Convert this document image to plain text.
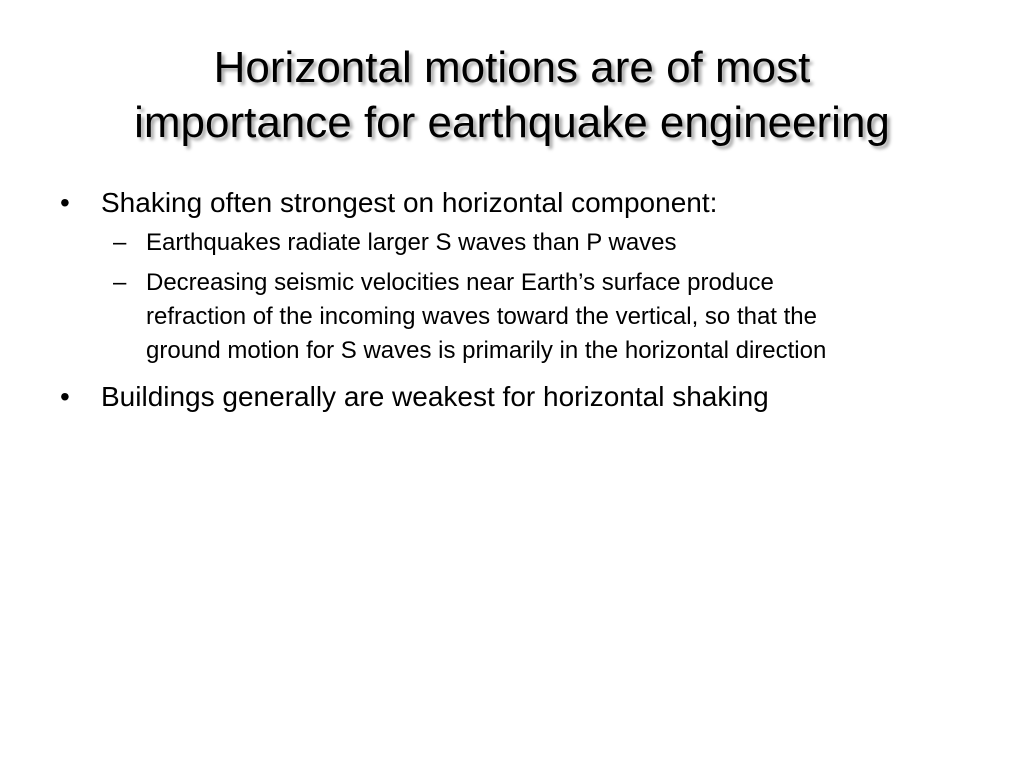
Horizontal motions are of most
importance for earthquake engineering
• Shaking often strongest on horizontal component:
– Earthquakes radiate larger S waves than P waves
– Decreasing seismic velocities near Earth’s surface produce
refraction of the incoming waves toward the vertical, so that the
ground motion for S waves is primarily in the horizontal direction
• Buildings generally are weakest for horizontal shaking
